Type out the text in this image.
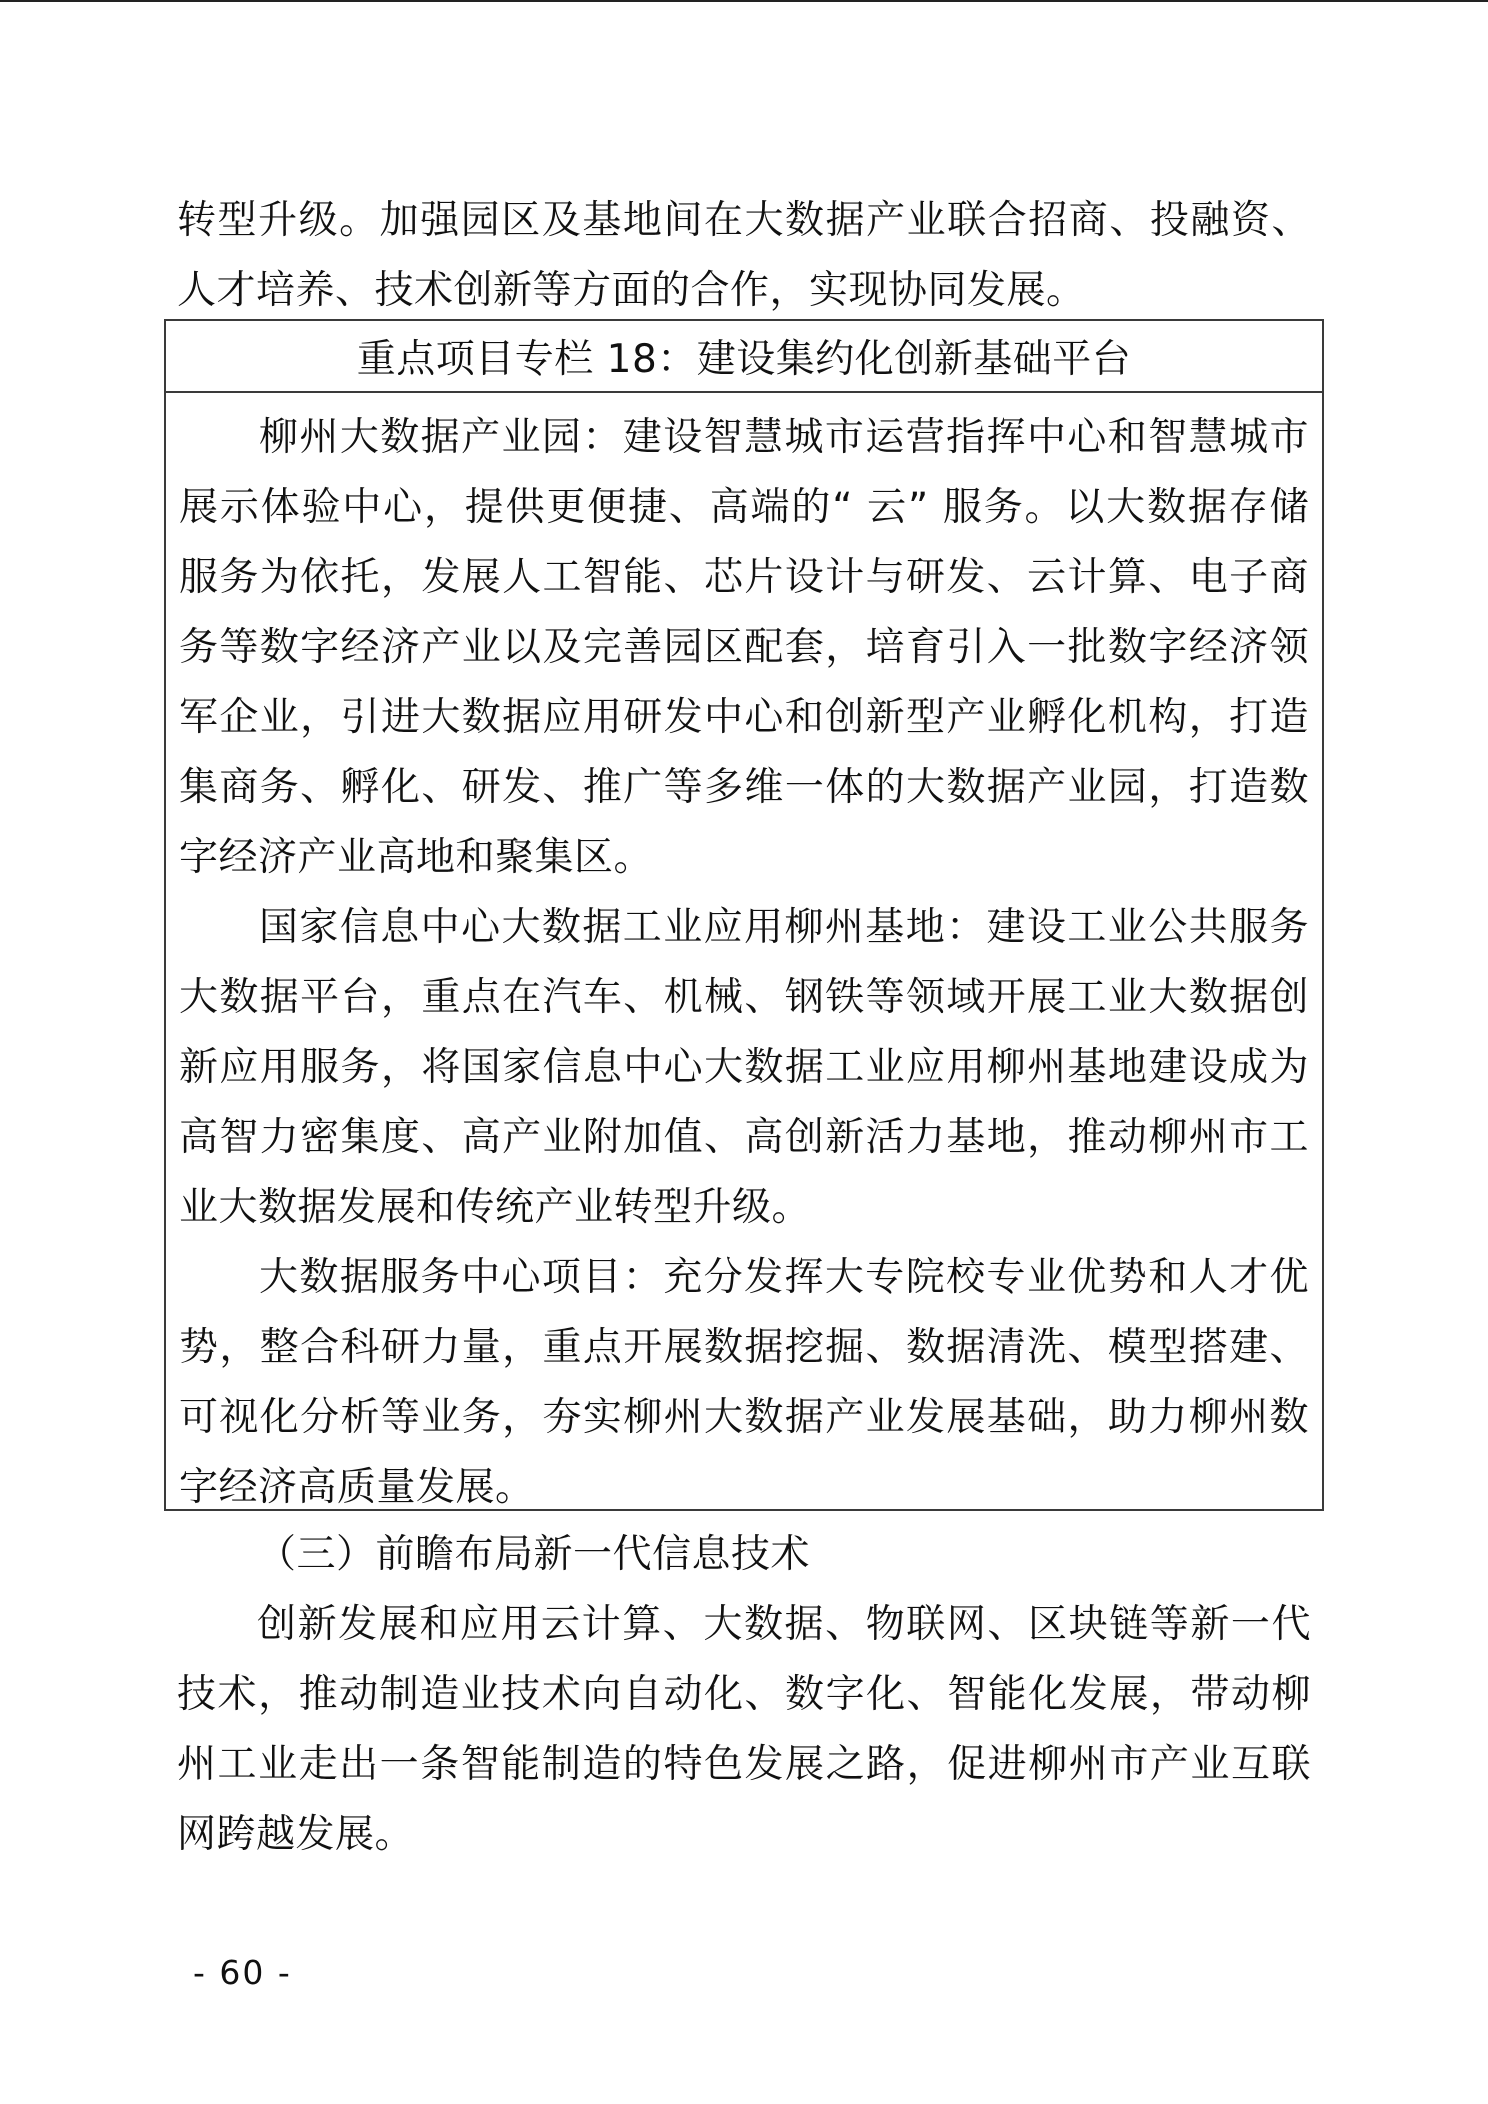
转型升级。加强园区及基地间在大数据产业联合招商、投融资、人才培养、技术创新等方面的合作，实现协同发展。

重点项目专栏 18：建设集约化创新基础平台

柳州大数据产业园：建设智慧城市运营指挥中心和智慧城市展示体验中心，提供更便捷、高端的“ 云” 服务。以大数据存储服务为依托，发展人工智能、芯片设计与研发、云计算、电子商务等数字经济产业以及完善园区配套，培育引入一批数字经济领军企业，引进大数据应用研发中心和创新型产业孵化机构，打造集商务、孵化、研发、推广等多维一体的大数据产业园，打造数字经济产业高地和聚集区。

国家信息中心大数据工业应用柳州基地：建设工业公共服务大数据平台，重点在汽车、机械、钢铁等领域开展工业大数据创新应用服务，将国家信息中心大数据工业应用柳州基地建设成为高智力密集度、高产业附加值、高创新活力基地，推动柳州市工业大数据发展和传统产业转型升级。

大数据服务中心项目：充分发挥大专院校专业优势和人才优势，整合科研力量，重点开展数据挖掘、数据清洗、模型搭建、可视化分析等业务，夯实柳州大数据产业发展基础，助力柳州数字经济高质量发展。

（三）前瞻布局新一代信息技术

创新发展和应用云计算、大数据、物联网、区块链等新一代技术，推动制造业技术向自动化、数字化、智能化发展，带动柳州工业走出一条智能制造的特色发展之路，促进柳州市产业互联网跨越发展。

- 60 -
